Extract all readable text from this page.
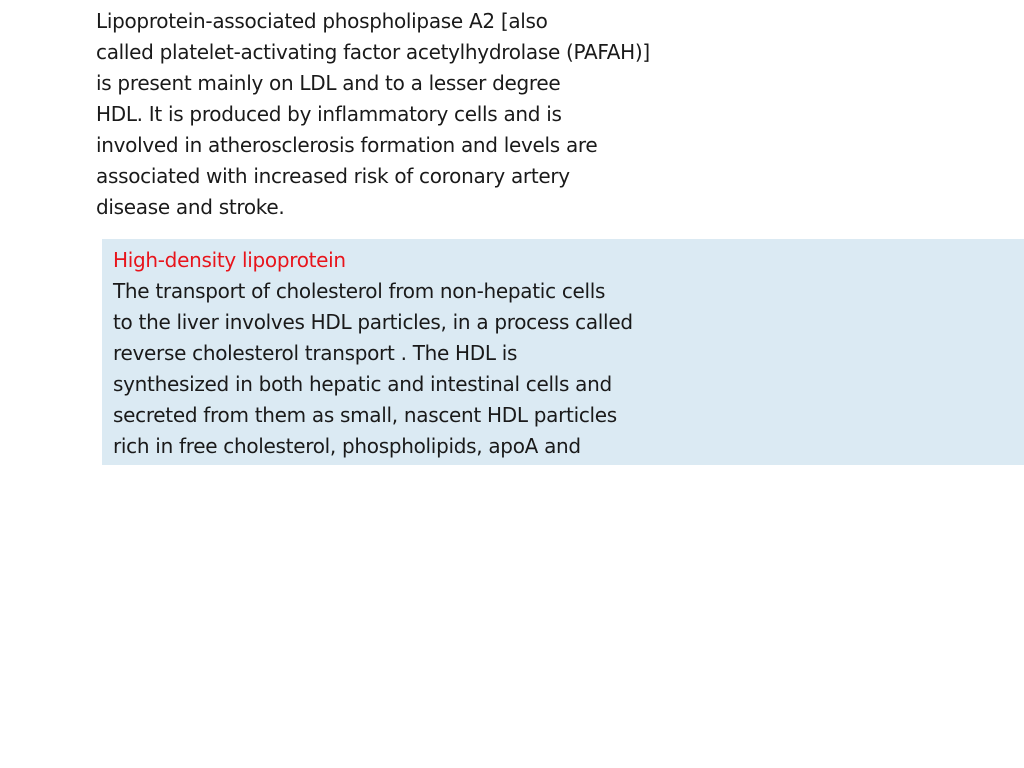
Lipoprotein-associated phospholipase A2 [also
called platelet-activating factor acetylhydrolase (PAFAH)]
is present mainly on LDL and to a lesser degree
HDL. It is produced by inflammatory cells and is
involved in atherosclerosis formation and levels are
associated with increased risk of coronary artery
disease and stroke.

High-density lipoprotein

The transport of cholesterol from non-hepatic cells
to the liver involves HDL particles, in a process called
reverse cholesterol transport . The HDL is
synthesized in both hepatic and intestinal cells and
secreted from them as small, nascent HDL particles
rich in free cholesterol, phospholipids, apoA and
